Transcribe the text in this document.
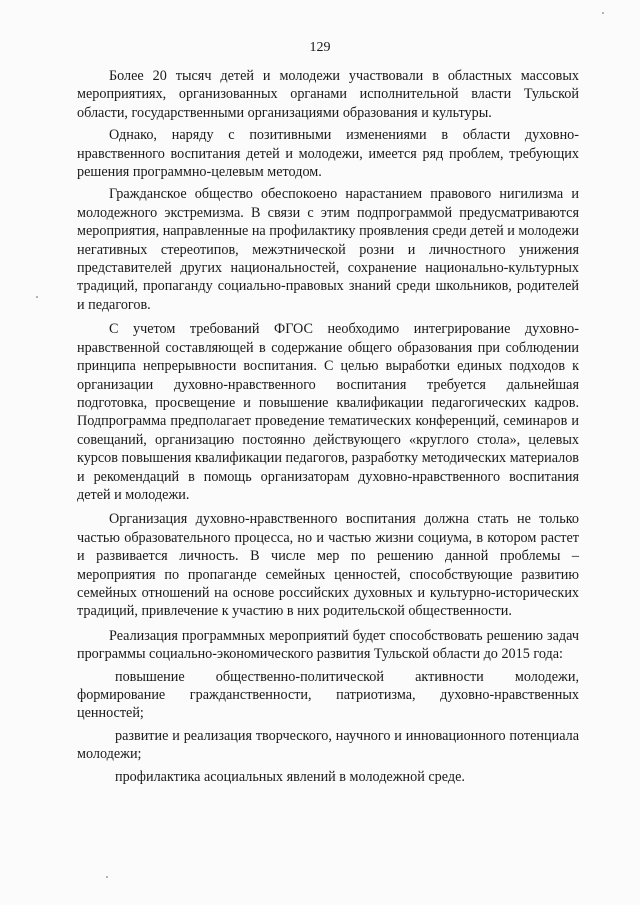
129

Более 20 тысяч детей и молодежи участвовали в областных массовых мероприятиях, организованных органами исполнительной власти Тульской области, государственными организациями образования и культуры.

Однако, наряду с позитивными изменениями в области духовно-нравственного воспитания детей и молодежи, имеется ряд проблем, требующих решения программно-целевым методом.

Гражданское общество обеспокоено нарастанием правового нигилизма и молодежного экстремизма. В связи с этим подпрограммой предусматриваются мероприятия, направленные на профилактику проявления среди детей и молодежи негативных стереотипов, межэтнической розни и личностного унижения представителей других национальностей, сохранение национально-культурных традиций, пропаганду социально-правовых знаний среди школьников, родителей и педагогов.

С учетом требований ФГОС необходимо интегрирование духовно-нравственной составляющей в содержание общего образования при соблюдении принципа непрерывности воспитания. С целью выработки единых подходов к организации духовно-нравственного воспитания требуется дальнейшая подготовка, просвещение и повышение квалификации педагогических кадров. Подпрограмма предполагает проведение тематических конференций, семинаров и совещаний, организацию постоянно действующего «круглого стола», целевых курсов повышения квалификации педагогов, разработку методических материалов и рекомендаций в помощь организаторам духовно-нравственного воспитания детей и молодежи.

Организация духовно-нравственного воспитания должна стать не только частью образовательного процесса, но и частью жизни социума, в котором растет и развивается личность. В числе мер по решению данной проблемы – мероприятия по пропаганде семейных ценностей, способствующие развитию семейных отношений на основе российских духовных и культурно-исторических традиций, привлечение к участию в них родительской общественности.

Реализация программных мероприятий будет способствовать решению задач программы социально-экономического развития Тульской области до 2015 года:

повышение общественно-политической активности молодежи, формирование гражданственности, патриотизма, духовно-нравственных ценностей;

развитие и реализация творческого, научного и инновационного потенциала молодежи;

профилактика асоциальных явлений в молодежной среде.
